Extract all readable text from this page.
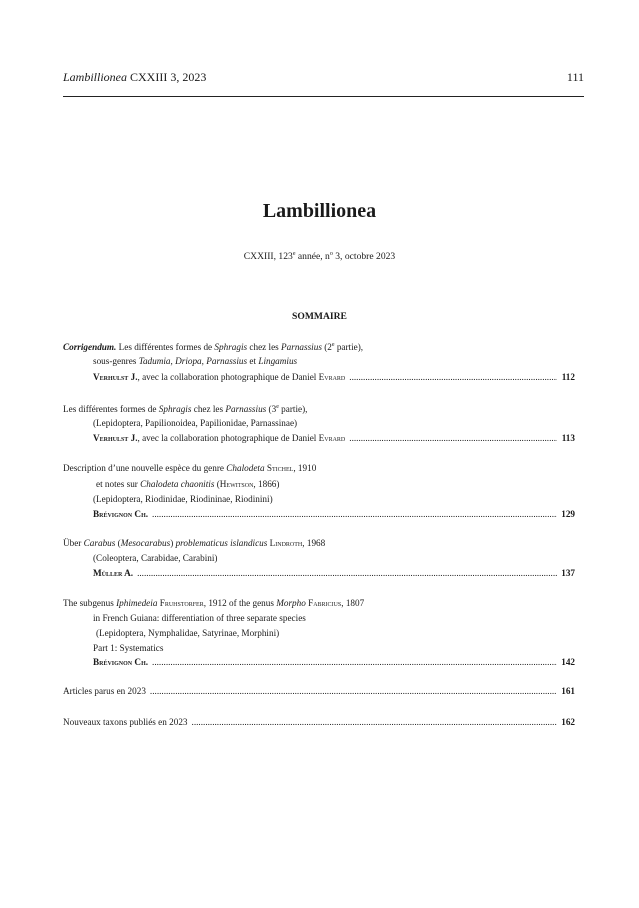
Lambillionea CXXIII 3, 2023	111
Lambillionea
CXXIII, 123e année, $n^o$ 3, octobre 2023
SOMMAIRE
Corrigendum. Les différentes formes de Sphragis chez les Parnassius (2e partie),
sous-genres Tadumia, Driopa, Parnassius et Lingamius
Verhulst J., avec la collaboration photographique de Daniel Evrard .....	112
Les différentes formes de Sphragis chez les Parnassius (3e partie),
(Lepidoptera, Papilionoidea, Papilionidae, Parnassinae)
Verhulst J., avec la collaboration photographique de Daniel Evrard .....	113
Description d’une nouvelle espèce du genre Chalodeta Stichel, 1910
et notes sur Chalodeta chaonitis (Hewitson, 1866)
(Lepidoptera, Riodinidae, Riodininae, Riodinini)
Brévignon Ch. .....	129
Über Carabus (Mesocarabus) problematicus islandicus Lindroth, 1968
(Coleoptera, Carabidae, Carabini)
Müller A. .....	137
The subgenus Iphimedeia Fruhstorfer, 1912 of the genus Morpho Fabricius, 1807
in French Guiana: differentiation of three separate species
(Lepidoptera, Nymphalidae, Satyrinae, Morphini)
Part 1: Systematics
Brévignon Ch. .....	142
Articles parus en 2023 .....	161
Nouveaux taxons publiés en 2023 .....	162
